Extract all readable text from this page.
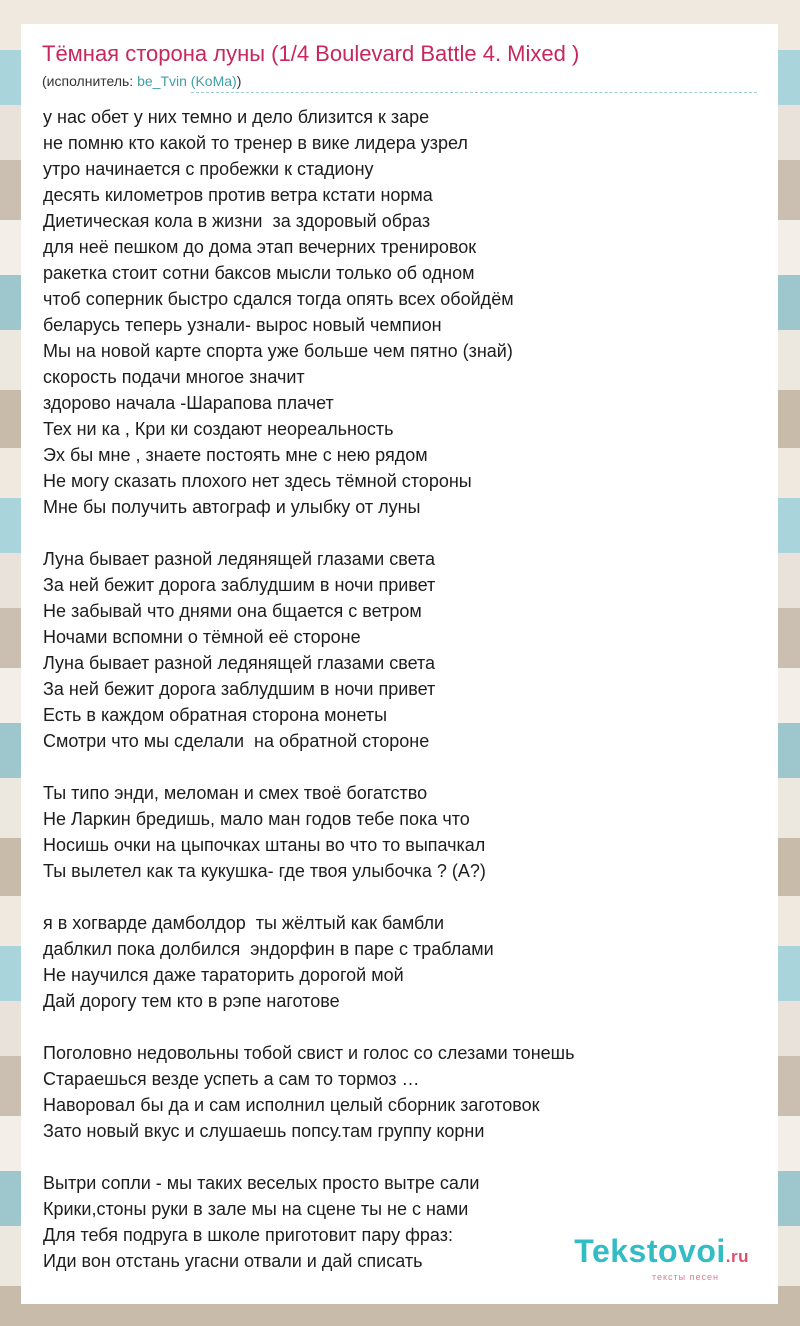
Тёмная сторона луны (1/4 Boulevard Battle 4. Mixed )
(исполнитель: be_Tvin (KoMa))
у нас обет у них темно и дело близится к заре
не помню кто какой то тренер в вике лидера узрел
утро начинается с пробежки к стадиону
десять километров против ветра кстати норма
Диетическая кола в жизни  за здоровый образ
для неё пешком до дома этап вечерних тренировок
ракетка стоит сотни баксов мысли только об одном
чтоб соперник быстро сдался тогда опять всех обойдём
беларусь теперь узнали- вырос новый чемпион
Мы на новой карте спорта уже больше чем пятно (знай)
скорость подачи многое значит
здорово начала -Шарапова плачет
Тех ни ка , Кри ки создают неореальность
Эх бы мне , знаете постоять мне с нею рядом
Не могу сказать плохого нет здесь тёмной стороны
Мне бы получить автограф и улыбку от луны
Луна бывает разной ледянящей глазами света
За ней бежит дорога заблудшим в ночи привет
Не забывай что днями она бщается с ветром
Ночами вспомни о тёмной её стороне
Луна бывает разной ледянящей глазами света
За ней бежит дорога заблудшим в ночи привет
Есть в каждом обратная сторона монеты
Смотри что мы сделали  на обратной стороне
Ты типо энди, меломан и смех твоё богатство
Не Ларкин бредишь, мало ман годов тебе пока что
Носишь очки на цыпочках штаны во что то выпачкал
Ты вылетел как та кукушка- где твоя улыбочка ? (А?)
я в хогварде дамболдор  ты жёлтый как бамбли
даблкил пока долбился  эндорфин в паре с траблами
Не научился даже тараторить дорогой мой
Дай дорогу тем кто в рэпе наготове
Поголовно недовольны тобой свист и голос со слезами тонешь
Стараешься везде успеть а сам то тормоз …
Наворовал бы да и сам исполнил целый сборник заготовок
Зато новый вкус и слушаешь попсу.там группу корни
Вытри сопли - мы таких веселых просто вытре сали
Крики,стоны руки в зале мы на сцене ты не с нами
Для тебя подруга в школе приготовит пару фраз:
Иди вон отстань угасни отвали и дай списать	Tekstovoi.ru
тексты песен
